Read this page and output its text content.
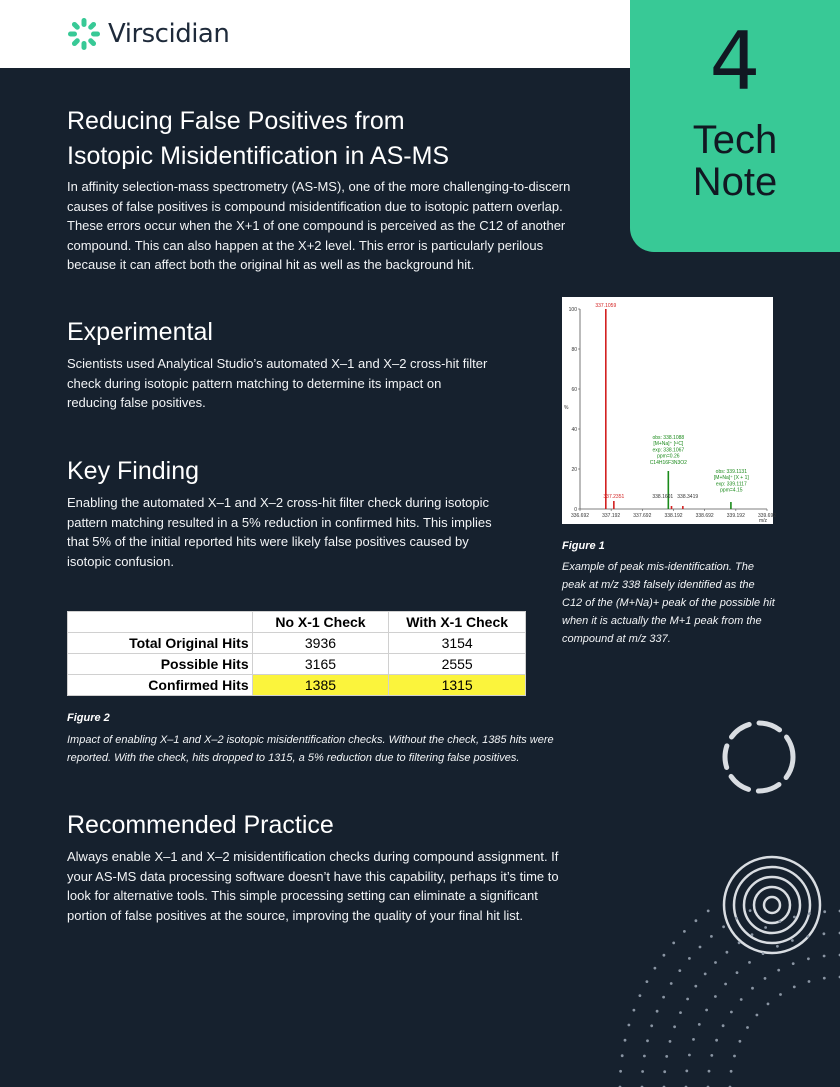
Virscidian	4
Tech
Note
Reducing False Positives from
Isotopic Misidentification in AS-MS
In affinity selection-mass spectrometry (AS-MS), one of the more challenging-to-discern
causes of false positives is compound misidentification due to isotopic pattern overlap.
These errors occur when the X+1 of one compound is perceived as the C12 of another
compound. This can also happen at the X+2 level. This error is particularly perilous
because it can affect both the original hit as well as the background hit.
Experimental
Scientists used Analytical Studio’s automated X–1 and X–2 cross-hit filter
check during isotopic pattern matching to determine its impact on
reducing false positives.
Key Finding
Enabling the automated X–1 and X–2 cross-hit filter check during isotopic
pattern matching resulted in a 5% reduction in confirmed hits. This implies
that 5% of the initial reported hits were likely false positives caused by
isotopic confusion.
100
80
60
40
20
0
%
336.692	337.192	337.692	338.192	338.692	339.192	339.692
m/z
337.1059
337.2351	338.1601 338.3419
obs: 338.1088
[M+Na]⁺ [¹²C]
exp: 338.1067
ppm=0.26
C14H16F3N3O2
obs: 339.1131
[M+Na]⁺ [X + 1]
exp: 339.1117
ppm=4.15
Figure 1
Example of peak mis-identification. The
peak at m/z 338 falsely identified as the
C12 of the (M+Na)+ peak of the possible hit
when it is actually the M+1 peak from the
compound at m/z 337.
	No X-1 Check	With X-1 Check
Total Original Hits	3936	3154
Possible Hits	3165	2555
Confirmed Hits	1385	1315
Figure 2
Impact of enabling X–1 and X–2 isotopic misidentification checks. Without the check, 1385 hits were
reported. With the check, hits dropped to 1315, a 5% reduction due to filtering false positives.
Recommended Practice
Always enable X–1 and X–2 misidentification checks during compound assignment. If
your AS-MS data processing software doesn’t have this capability, perhaps it’s time to
look for alternative tools. This simple processing setting can eliminate a significant
portion of false positives at the source, improving the quality of your final hit list.
